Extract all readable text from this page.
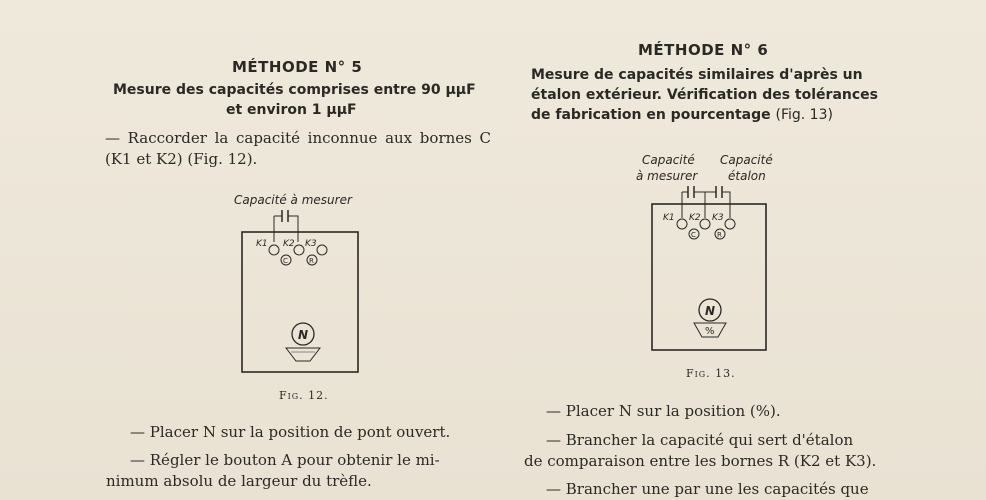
MÉTHODE N° 5
Mesure des capacités comprises entre 90 µµF
et environ 1 µµF
— Raccorder la capacité inconnue aux bornes C (K1 et K2) (Fig. 12).
Capacité à mesurer
K1 K2 K3
C	R
N
Fig. 12.
— Placer N sur la position de pont ouvert.
— Régler le bouton A pour obtenir le mi-
nimum absolu de largeur du trèfle.
MÉTHODE N° 6
Mesure de capacités similaires d'après un
étalon extérieur. Vérification des tolérances
de fabrication en pourcentage (Fig. 13)
Capacité
à mesurer
Capacité
étalon
K1 K2 K3
C	R
N
%
Fig. 13.
— Placer N sur la position (%).
— Brancher la capacité qui sert d'étalon
de comparaison entre les bornes R (K2 et K3).
— Brancher une par une les capacités que
